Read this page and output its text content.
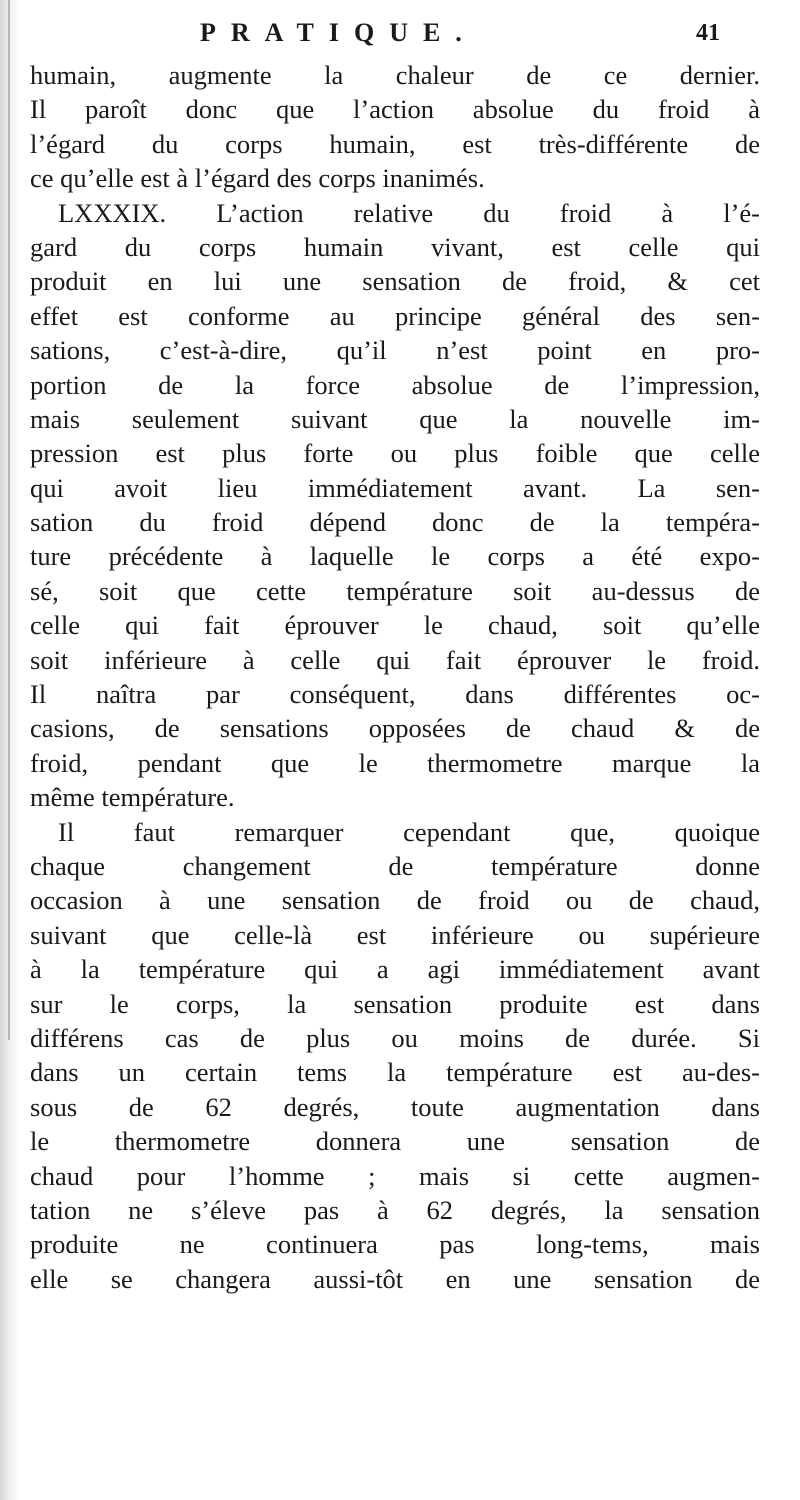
PRATIQUE.	41
humain, augmente la chaleur de ce dernier.
Il paroît donc que l’action absolue du froid à
l’égard du corps humain, est très-différente de
ce qu’elle est à l’égard des corps inanimés.
LXXXIX. L’action relative du froid à l’é-
gard du corps humain vivant, est celle qui
produit en lui une sensation de froid, & cet
effet est conforme au principe général des sen-
sations, c’est-à-dire, qu’il n’est point en pro-
portion de la force absolue de l’impression,
mais seulement suivant que la nouvelle im-
pression est plus forte ou plus foible que celle
qui avoit lieu immédiatement avant. La sen-
sation du froid dépend donc de la tempéra-
ture précédente à laquelle le corps a été expo-
sé, soit que cette température soit au-dessus de
celle qui fait éprouver le chaud, soit qu’elle
soit inférieure à celle qui fait éprouver le froid.
Il naîtra par conséquent, dans différentes oc-
casions, de sensations opposées de chaud & de
froid, pendant que le thermometre marque la
même température.
Il faut remarquer cependant que, quoique
chaque changement de température donne
occasion à une sensation de froid ou de chaud,
suivant que celle-là est inférieure ou supérieure
à la température qui a agi immédiatement avant
sur le corps, la sensation produite est dans
différens cas de plus ou moins de durée. Si
dans un certain tems la température est au-des-
sous de 62 degrés, toute augmentation dans
le thermometre donnera une sensation de
chaud pour l’homme ; mais si cette augmen-
tation ne s’éleve pas à 62 degrés, la sensation
produite ne continuera pas long-tems, mais
elle se changera aussi-tôt en une sensation de
